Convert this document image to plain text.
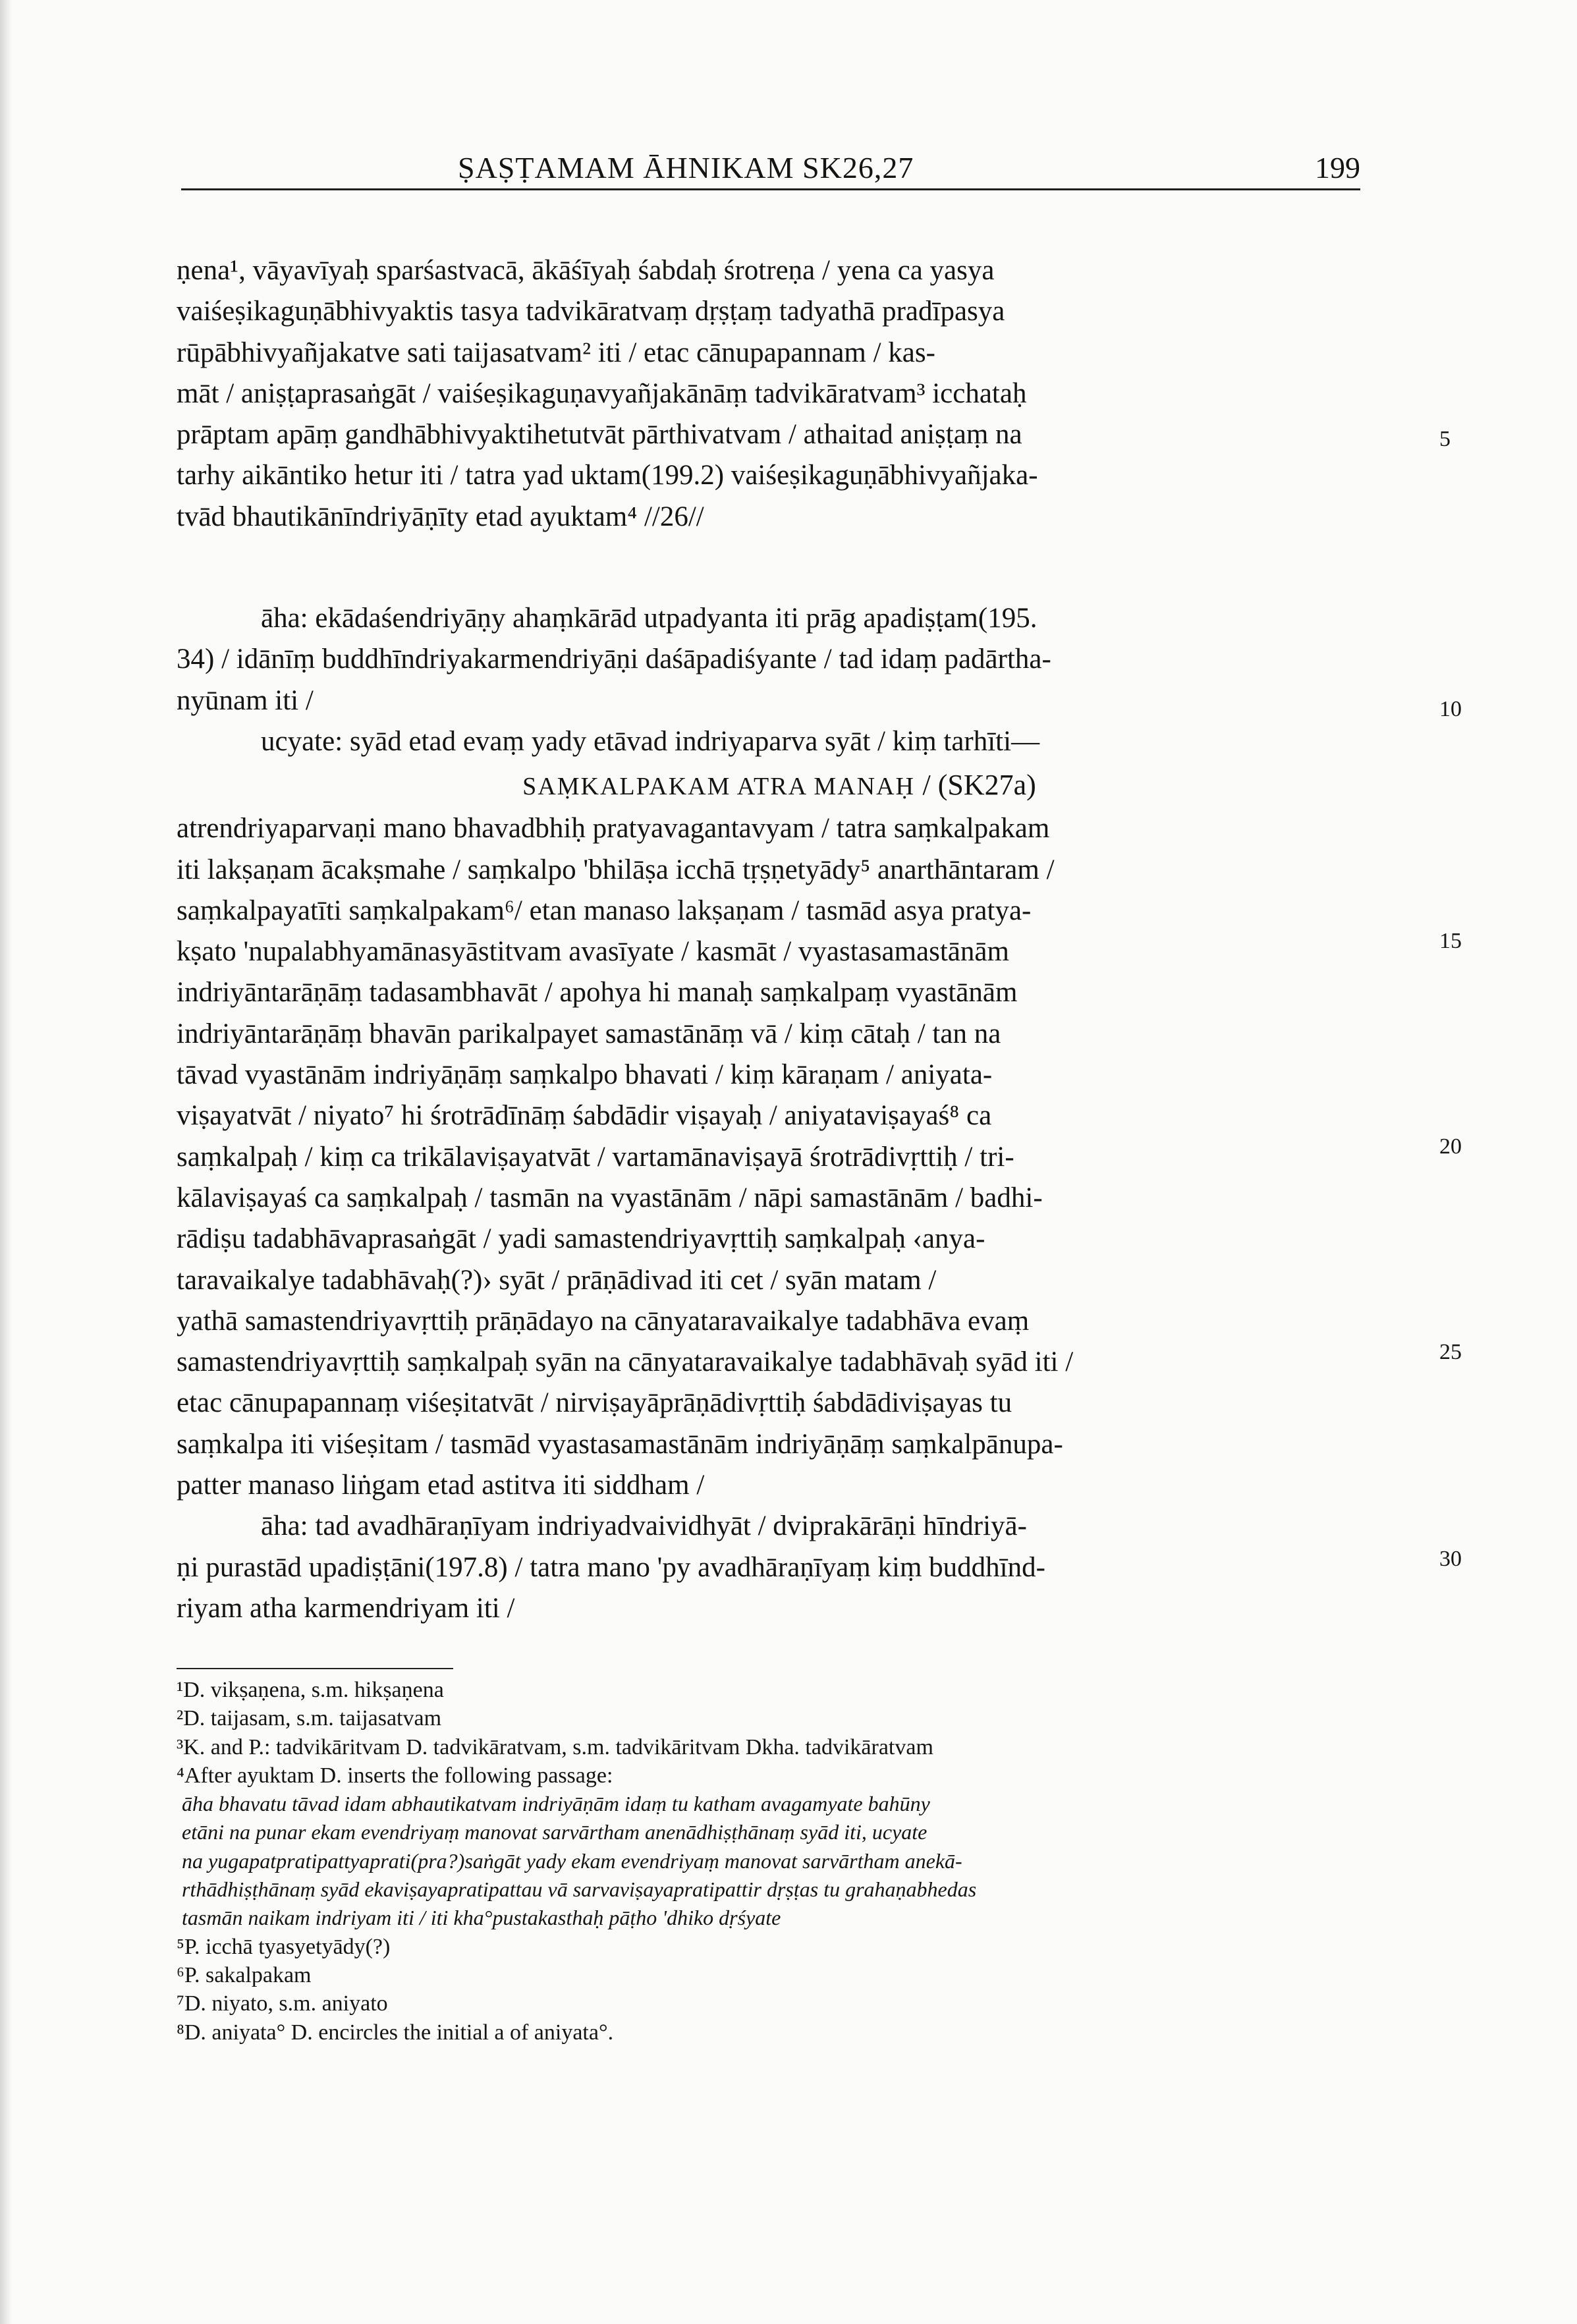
ṢAṢṬAMAM ĀHNIKAM SK26,27	199
ṇena¹, vāyavīyaḥ sparśastvacā, ākāśīyaḥ śabdaḥ śrotreṇa / yena ca yasya
vaiśeṣikaguṇābhivyaktis tasya tadvikāratvaṃ dṛṣṭaṃ tadyathā pradīpasya
rūpābhivyañjakatve sati taijasatvam² iti / etac cānupapannam / kas-
māt / aniṣṭaprasaṅgāt / vaiśeṣikaguṇavyañjakānāṃ tadvikāratvam³ icchataḥ
prāptam apāṃ gandhābhivyaktihetutvāt pārthivatvam / athaitad aniṣṭaṃ na
tarhy aikāntiko hetur iti / tatra yad uktam(199.2) vaiśeṣikaguṇābhivyañjaka-
tvād bhautikānīndriyāṇīty etad ayuktam⁴ //26//
āha: ekādaśendriyāṇy ahaṃkārād utpadyanta iti prāg apadiṣṭam(195.
34) / idānīṃ buddhīndriyakarmendriyāṇi daśāpadiśyante / tad idaṃ padārtha-
nyūnam iti /
ucyate: syād etad evaṃ yady etāvad indriyaparva syāt / kiṃ tarhīti—
SAṂKALPAKAM ATRA MANAḤ / (SK27a)
atrendriyaparvaṇi mano bhavadbhiḥ pratyavagantavyam / tatra saṃkalpakam
iti lakṣaṇam ācakṣmahe / saṃkalpo 'bhilāṣa icchā tṛṣṇetyādy⁵ anarthāntaram /
saṃkalpayatīti saṃkalpakam⁶/ etan manaso lakṣaṇam / tasmād asya pratya-
kṣato 'nupalabhyamānasyāstitvam avasīyate / kasmāt / vyastasamastānām
indriyāntarāṇāṃ tadasambhavāt / apohya hi manaḥ saṃkalpaṃ vyastānām
indriyāntarāṇāṃ bhavān parikalpayet samastānāṃ vā / kiṃ cātaḥ / tan na
tāvad vyastānām indriyāṇāṃ saṃkalpo bhavati / kiṃ kāraṇam / aniyata-
viṣayatvāt / niyato⁷ hi śrotrādīnāṃ śabdādir viṣayaḥ / aniyataviṣayaś⁸ ca
saṃkalpaḥ / kiṃ ca trikālaviṣayatvāt / vartamānaviṣayā śrotrādivṛttiḥ / tri-
kālaviṣayaś ca saṃkalpaḥ / tasmān na vyastānām / nāpi samastānām / badhi-
rādiṣu tadabhāvaprasaṅgāt / yadi samastendriyavṛttiḥ saṃkalpaḥ ‹anya-
taravaikalye tadabhāvaḥ(?)› syāt / prāṇādivad iti cet / syān matam /
yathā samastendriyavṛttiḥ prāṇādayo na cānyataravaikalye tadabhāva evaṃ
samastendriyavṛttiḥ saṃkalpaḥ syān na cānyataravaikalye tadabhāvaḥ syād iti /
etac cānupapannaṃ viśeṣitatvāt / nirviṣayāprāṇādivṛttiḥ śabdādiviṣayas tu
saṃkalpa iti viśeṣitam / tasmād vyastasamastānām indriyāṇāṃ saṃkalpānupa-
patter manaso liṅgam etad astitva iti siddham /
āha: tad avadhāraṇīyam indriyadvaividhyāt / dviprakārāṇi hīndriyā-
ṇi purastād upadiṣṭāni(197.8) / tatra mano 'py avadhāraṇīyaṃ kiṃ buddhīnd-
riyam atha karmendriyam iti /
5
10
15
20
25
30
¹D. vikṣaṇena, s.m. hikṣaṇena
²D. taijasam, s.m. taijasatvam
³K. and P.: tadvikāritvam D. tadvikāratvam, s.m. tadvikāritvam Dkha. tadvikāratvam
⁴After ayuktam D. inserts the following passage:
āha bhavatu tāvad idam abhautikatvam indriyāṇām idaṃ tu katham avagamyate bahūny
etāni na punar ekam evendriyaṃ manovat sarvārtham anenādhiṣṭhānaṃ syād iti, ucyate
na yugapatpratipattyaprati(pra?)saṅgāt yady ekam evendriyaṃ manovat sarvārtham anekā-
rthādhiṣṭhānaṃ syād ekaviṣayapratipattau vā sarvaviṣayapratipattir dṛṣṭas tu grahaṇabhedas
tasmān naikam indriyam iti / iti kha°pustakasthaḥ pāṭho 'dhiko dṛśyate
⁵P. icchā tyasyetyādy(?)
⁶P. sakalpakam
⁷D. niyato, s.m. aniyato
⁸D. aniyata° D. encircles the initial a of aniyata°.
